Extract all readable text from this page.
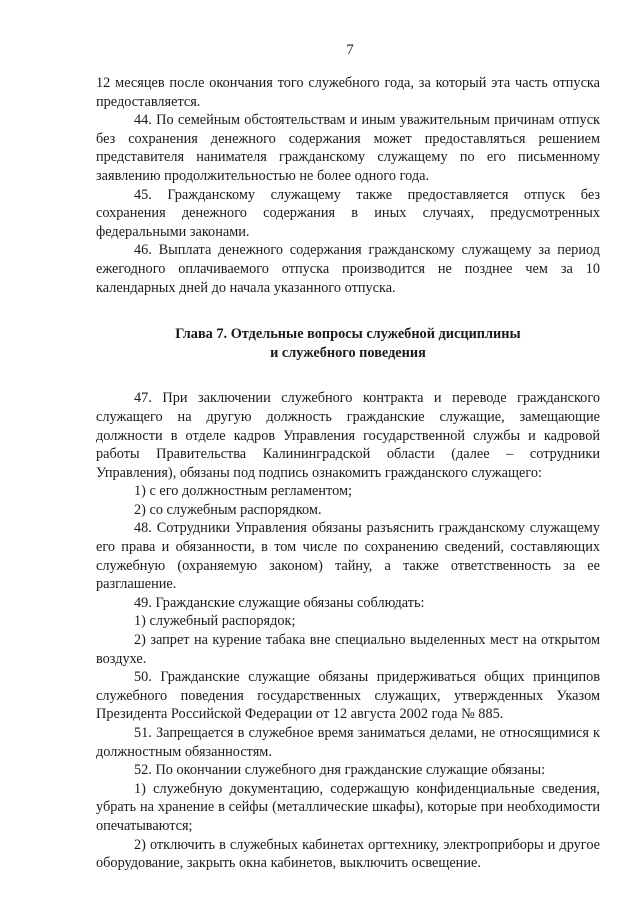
7

12 месяцев после окончания того служебного года, за который эта часть отпуска предоставляется.

44. По семейным обстоятельствам и иным уважительным причинам отпуск без сохранения денежного содержания может предоставляться решением представителя нанимателя гражданскому служащему по его письменному заявлению продолжительностью не более одного года.

45. Гражданскому служащему также предоставляется отпуск без сохранения денежного содержания в иных случаях, предусмотренных федеральными законами.

46. Выплата денежного содержания гражданскому служащему за период ежегодного оплачиваемого отпуска производится не позднее чем за 10 календарных дней до начала указанного отпуска.

Глава 7. Отдельные вопросы служебной дисциплины
и служебного поведения

47. При заключении служебного контракта и переводе гражданского служащего на другую должность гражданские служащие, замещающие должности в отделе кадров Управления государственной службы и кадровой работы Правительства Калининградской области (далее – сотрудники Управления), обязаны под подпись ознакомить гражданского служащего:

1) с его должностным регламентом;

2) со служебным распорядком.

48. Сотрудники Управления обязаны разъяснить гражданскому служащему его права и обязанности, в том числе по сохранению сведений, составляющих служебную (охраняемую законом) тайну, а также ответственность за ее разглашение.

49. Гражданские служащие обязаны соблюдать:

1) служебный распорядок;

2) запрет на курение табака вне специально выделенных мест на открытом воздухе.

50. Гражданские служащие обязаны придерживаться общих принципов служебного поведения государственных служащих, утвержденных Указом Президента Российской Федерации от 12 августа 2002 года № 885.

51. Запрещается в служебное время заниматься делами, не относящимися к должностным обязанностям.

52. По окончании служебного дня гражданские служащие обязаны:

1) служебную документацию, содержащую конфиденциальные сведения, убрать на хранение в сейфы (металлические шкафы), которые при необходимости опечатываются;

2) отключить в служебных кабинетах оргтехнику, электроприборы и другое оборудование, закрыть окна кабинетов, выключить освещение.
